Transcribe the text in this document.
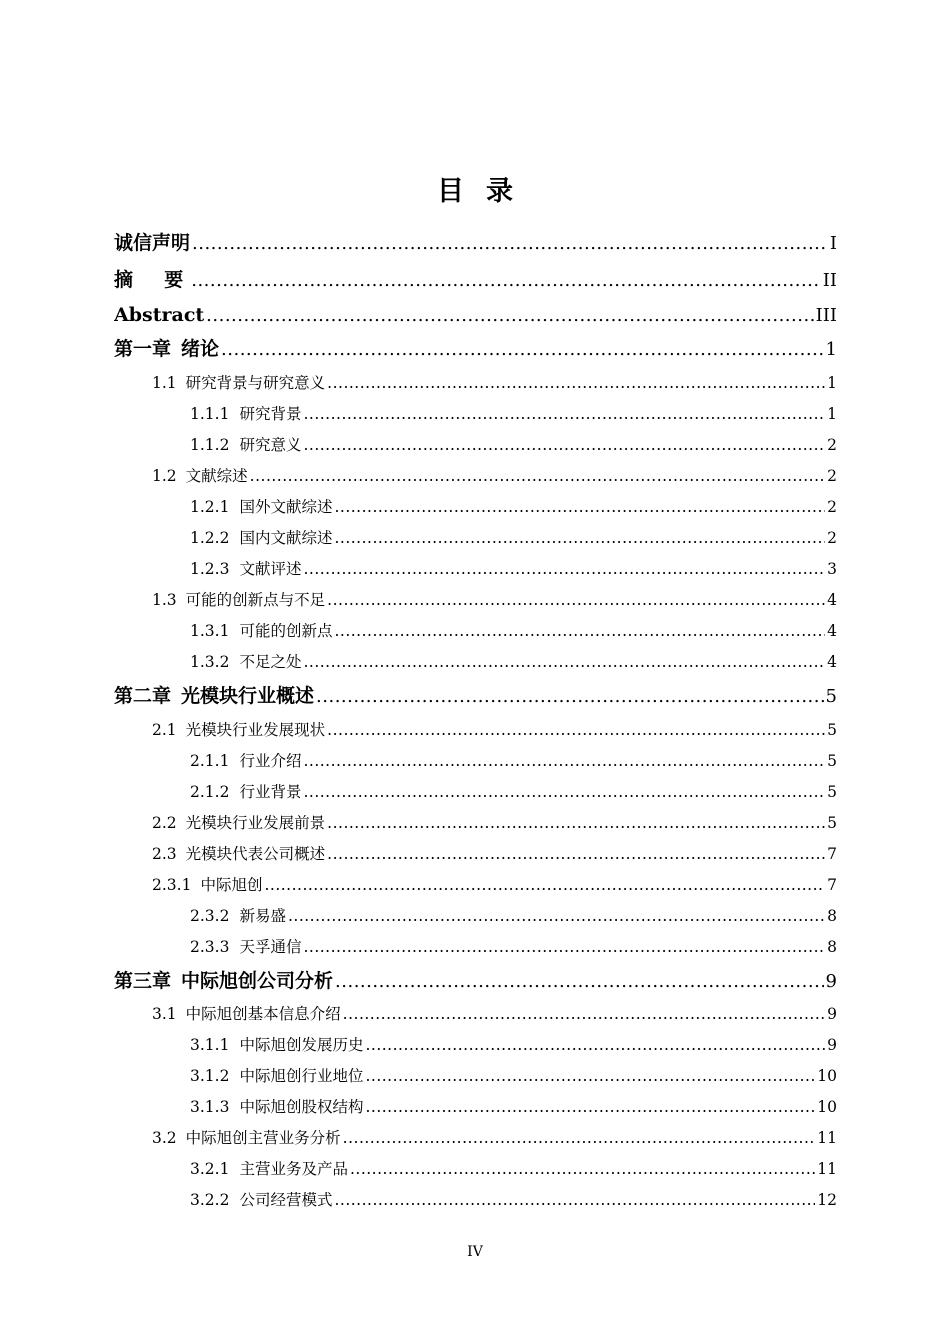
目 录
诚信声明 .....	I
摘  要 .....	II
Abstract .....	III
第一章 绪论 .....	1
1.1 研究背景与研究意义 .....	1
1.1.1 研究背景 .....	1
1.1.2 研究意义 .....	2
1.2 文献综述 .....	2
1.2.1 国外文献综述 .....	2
1.2.2 国内文献综述 .....	2
1.2.3 文献评述 .....	3
1.3 可能的创新点与不足 .....	4
1.3.1 可能的创新点 .....	4
1.3.2 不足之处 .....	4
第二章 光模块行业概述 .....	5
2.1 光模块行业发展现状 .....	5
2.1.1 行业介绍 .....	5
2.1.2 行业背景 .....	5
2.2 光模块行业发展前景 .....	5
2.3 光模块代表公司概述 .....	7
2.3.1 中际旭创 .....	7
2.3.2 新易盛 .....	8
2.3.3 天孚通信 .....	8
第三章 中际旭创公司分析 .....	9
3.1 中际旭创基本信息介绍 .....	9
3.1.1 中际旭创发展历史 .....	9
3.1.2 中际旭创行业地位 .....	10
3.1.3 中际旭创股权结构 .....	10
3.2 中际旭创主营业务分析 .....	11
3.2.1 主营业务及产品 .....	11
3.2.2 公司经营模式 .....	12
IV
